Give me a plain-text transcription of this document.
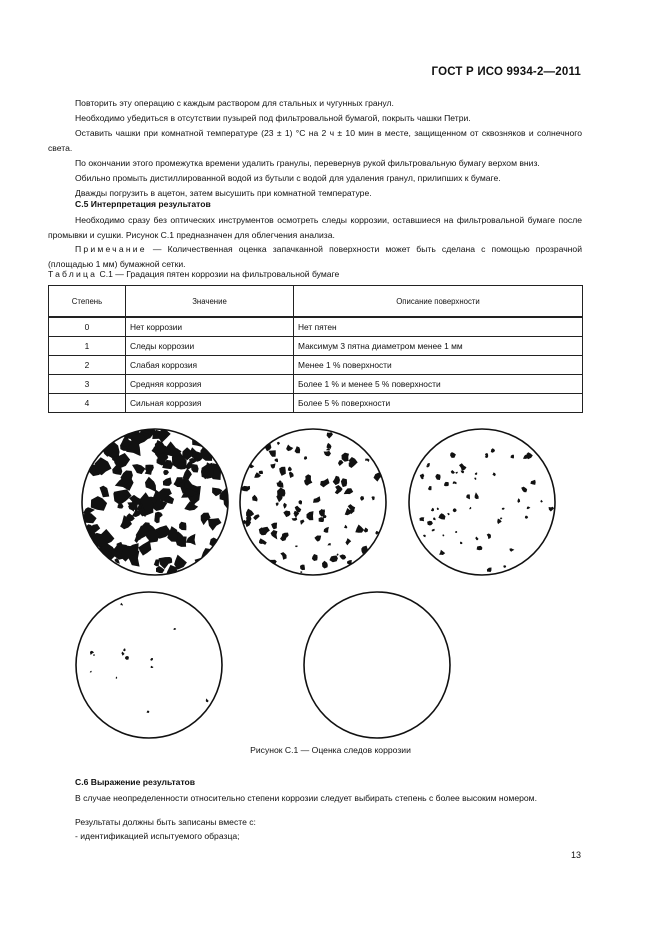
ГОСТ Р ИСО 9934-2—2011
Повторить эту операцию с каждым раствором для стальных и чугунных гранул.
Необходимо убедиться в отсутствии пузырей под фильтровальной бумагой, покрыть чашки Петри.
Оставить чашки при комнатной температуре (23 ± 1) °С на 2 ч ± 10 мин в месте, защищенном от сквозняков и солнечного света.
По окончании этого промежутка времени удалить гранулы, перевернув рукой фильтровальную бумагу верхом вниз.
Обильно промыть дистиллированной водой из бутыли с водой для удаления гранул, прилипших к бумаге.
Дважды погрузить в ацетон, затем высушить при комнатной температуре.
С.5 Интерпретация результатов
Необходимо сразу без оптических инструментов осмотреть следы коррозии, оставшиеся на фильтровальной бумаге после промывки и сушки. Рисунок С.1 предназначен для облегчения анализа.
Примечание — Количественная оценка запачканной поверхности может быть сделана с помощью прозрачной (площадью 1 мм) бумажной сетки.
Таблица С.1 — Градация пятен коррозии на фильтровальной бумаге
Степень	Значение	Описание поверхности
0	Нет коррозии	Нет пятен
1	Следы коррозии	Максимум 3 пятна диаметром менее 1 мм
2	Слабая коррозия	Менее 1 % поверхности
3	Средняя коррозия	Более 1 % и менее 5 % поверхности
4	Сильная коррозия	Более 5 % поверхности
Рисунок С.1 — Оценка следов коррозии
С.6 Выражение результатов
В случае неопределенности относительно степени коррозии следует выбирать степень с более высоким номером.
Результаты должны быть записаны вместе с:
- идентификацией испытуемого образца;
13
